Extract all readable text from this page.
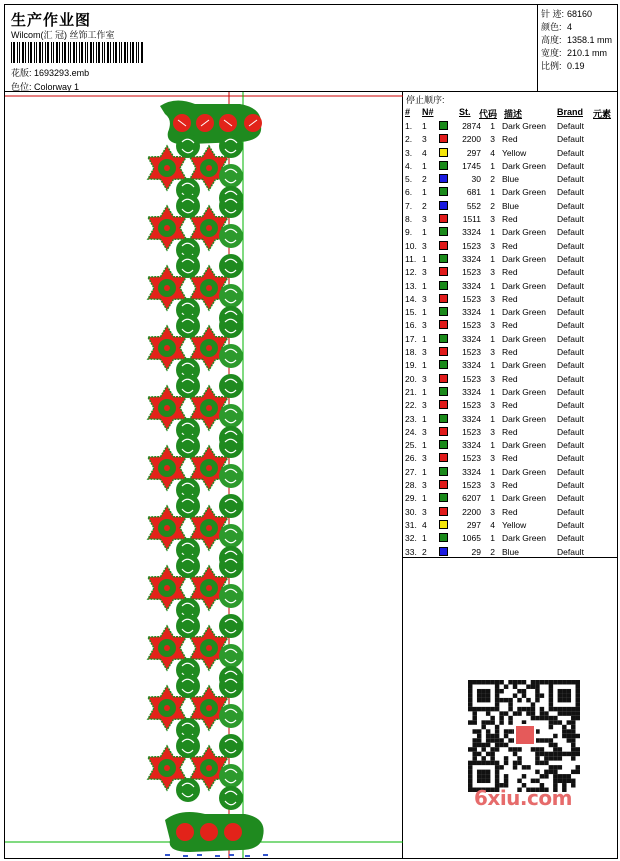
生产作业图
Wilcom(汇 冠) 丝饰工作室
花版: 1693293.emb
色位: Colorway 1
针 迹: 68160
颜色: 4
高度: 1358.1 mm
宽度: 210.1 mm
比例: 0.19
停止顺序:
# N#	St. 代码 描述	Brand 元素
1. 1	2874	1 Dark Green Default
2. 3	2200	3 Red	Default
3. 4	297	4 Yellow	Default
4. 1	1745	1 Dark Green Default
5. 2	30	2 Blue	Default
6. 1	681	1 Dark Green Default
7. 2	552	2 Blue	Default
8. 3	1511	3 Red	Default
9. 1	3324	1 Dark Green Default
10. 3	1523	3 Red	Default
11. 1	3324	1 Dark Green Default
12. 3	1523	3 Red	Default
13. 1	3324	1 Dark Green Default
14. 3	1523	3 Red	Default
15. 1	3324	1 Dark Green Default
16. 3	1523	3 Red	Default
17. 1	3324	1 Dark Green Default
18. 3	1523	3 Red	Default
19. 1	3324	1 Dark Green Default
20. 3	1523	3 Red	Default
21. 1	3324	1 Dark Green Default
22. 3	1523	3 Red	Default
23. 1	3324	1 Dark Green Default
24. 3	1523	3 Red	Default
25. 1	3324	1 Dark Green Default
26. 3	1523	3 Red	Default
27. 1	3324	1 Dark Green Default
28. 3	1523	3 Red	Default
29. 1	6207	1 Dark Green Default
30. 3	2200	3 Red	Default
31. 4	297	4 Yellow	Default
32. 1	1065	1 Dark Green Default
33. 2	29	2 Blue	Default
6xiu.com
